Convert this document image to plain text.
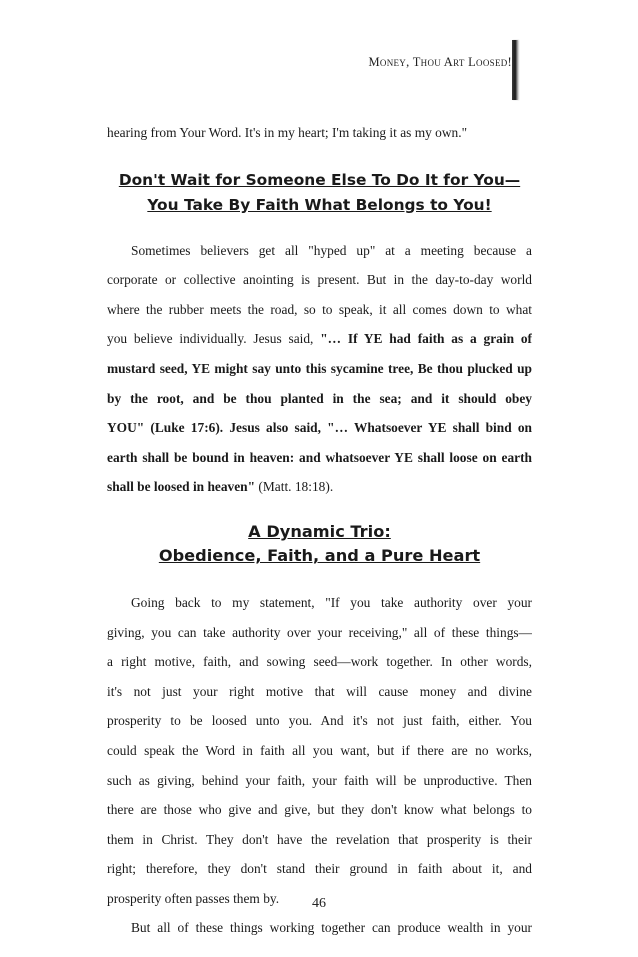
Money, Thou Art Loosed!
hearing from Your Word. It's in my heart; I'm taking it as my own."
Don't Wait for Someone Else To Do It for You—
You Take By Faith What Belongs to You!
Sometimes believers get all "hyped up" at a meeting because a
corporate or collective anointing is present. But in the day-to-day world
where the rubber meets the road, so to speak, it all comes down to what
you believe individually. Jesus said, "… If YE had faith as a grain of
mustard seed, YE might say unto this sycamine tree, Be thou plucked up
by the root, and be thou planted in the sea; and it should obey
YOU" (Luke 17:6). Jesus also said, "… Whatsoever YE shall bind on
earth shall be bound in heaven: and whatsoever YE shall loose on earth
shall be loosed in heaven" (Matt. 18:18).
A Dynamic Trio:
Obedience, Faith, and a Pure Heart
Going back to my statement, "If you take authority over your
giving, you can take authority over your receiving," all of these things—
a right motive, faith, and sowing seed—work together. In other words,
it's not just your right motive that will cause money and divine
prosperity to be loosed unto you. And it's not just faith, either. You
could speak the Word in faith all you want, but if there are no works,
such as giving, behind your faith, your faith will be unproductive. Then
there are those who give and give, but they don't know what belongs to
them in Christ. They don't have the revelation that prosperity is their
right; therefore, they don't stand their ground in faith about it, and
prosperity often passes them by.
But all of these things working together can produce wealth in your
46
